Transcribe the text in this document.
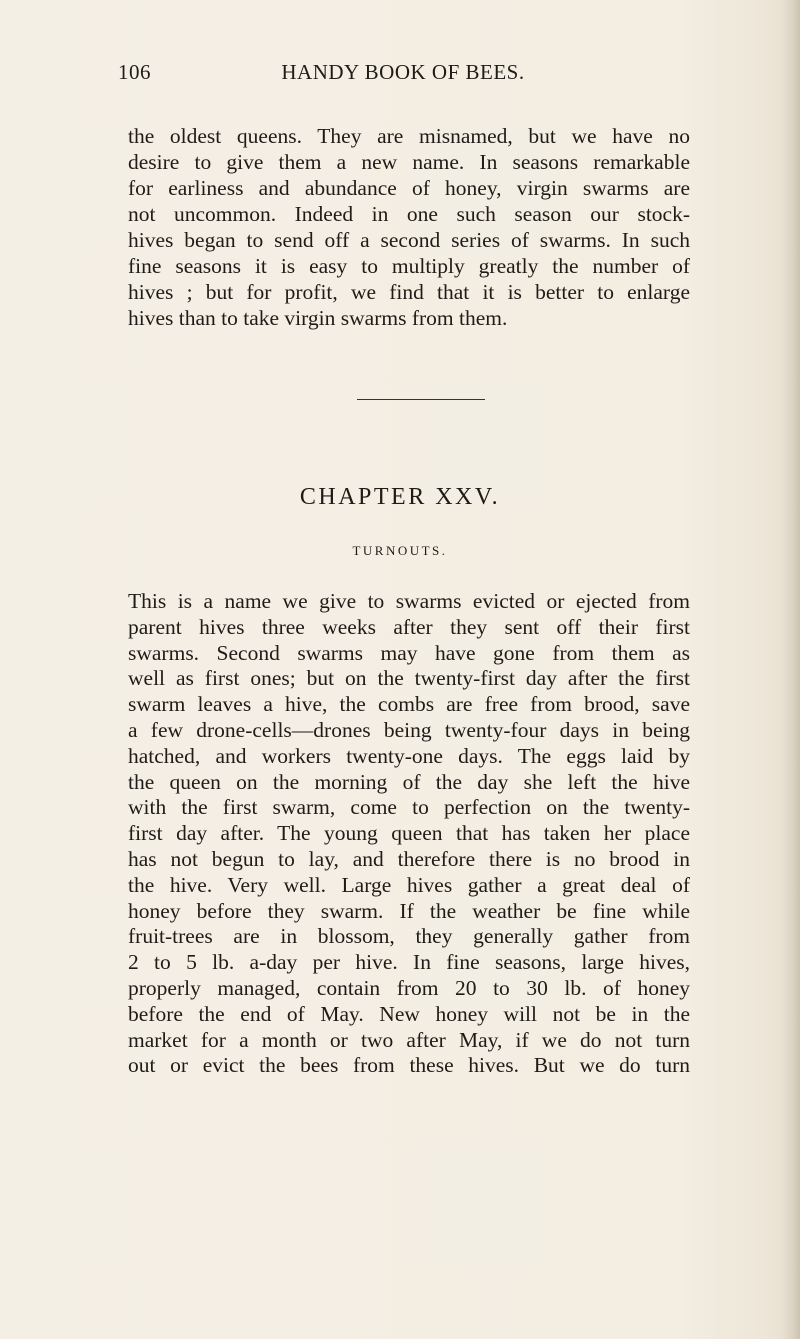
106	HANDY BOOK OF BEES.
the oldest queens. They are misnamed, but we have no
desire to give them a new name. In seasons remarkable
for earliness and abundance of honey, virgin swarms are
not uncommon. Indeed in one such season our stock-
hives began to send off a second series of swarms. In such
fine seasons it is easy to multiply greatly the number of
hives ; but for profit, we find that it is better to enlarge
hives than to take virgin swarms from them.
CHAPTER XXV.
TURNOUTS.
This is a name we give to swarms evicted or ejected from
parent hives three weeks after they sent off their first
swarms. Second swarms may have gone from them as
well as first ones; but on the twenty-first day after the first
swarm leaves a hive, the combs are free from brood, save
a few drone-cells—drones being twenty-four days in being
hatched, and workers twenty-one days. The eggs laid by
the queen on the morning of the day she left the hive
with the first swarm, come to perfection on the twenty-
first day after. The young queen that has taken her place
has not begun to lay, and therefore there is no brood in
the hive. Very well. Large hives gather a great deal of
honey before they swarm. If the weather be fine while
fruit-trees are in blossom, they generally gather from
2 to 5 lb. a-day per hive. In fine seasons, large hives,
properly managed, contain from 20 to 30 lb. of honey
before the end of May. New honey will not be in the
market for a month or two after May, if we do not turn
out or evict the bees from these hives. But we do turn
